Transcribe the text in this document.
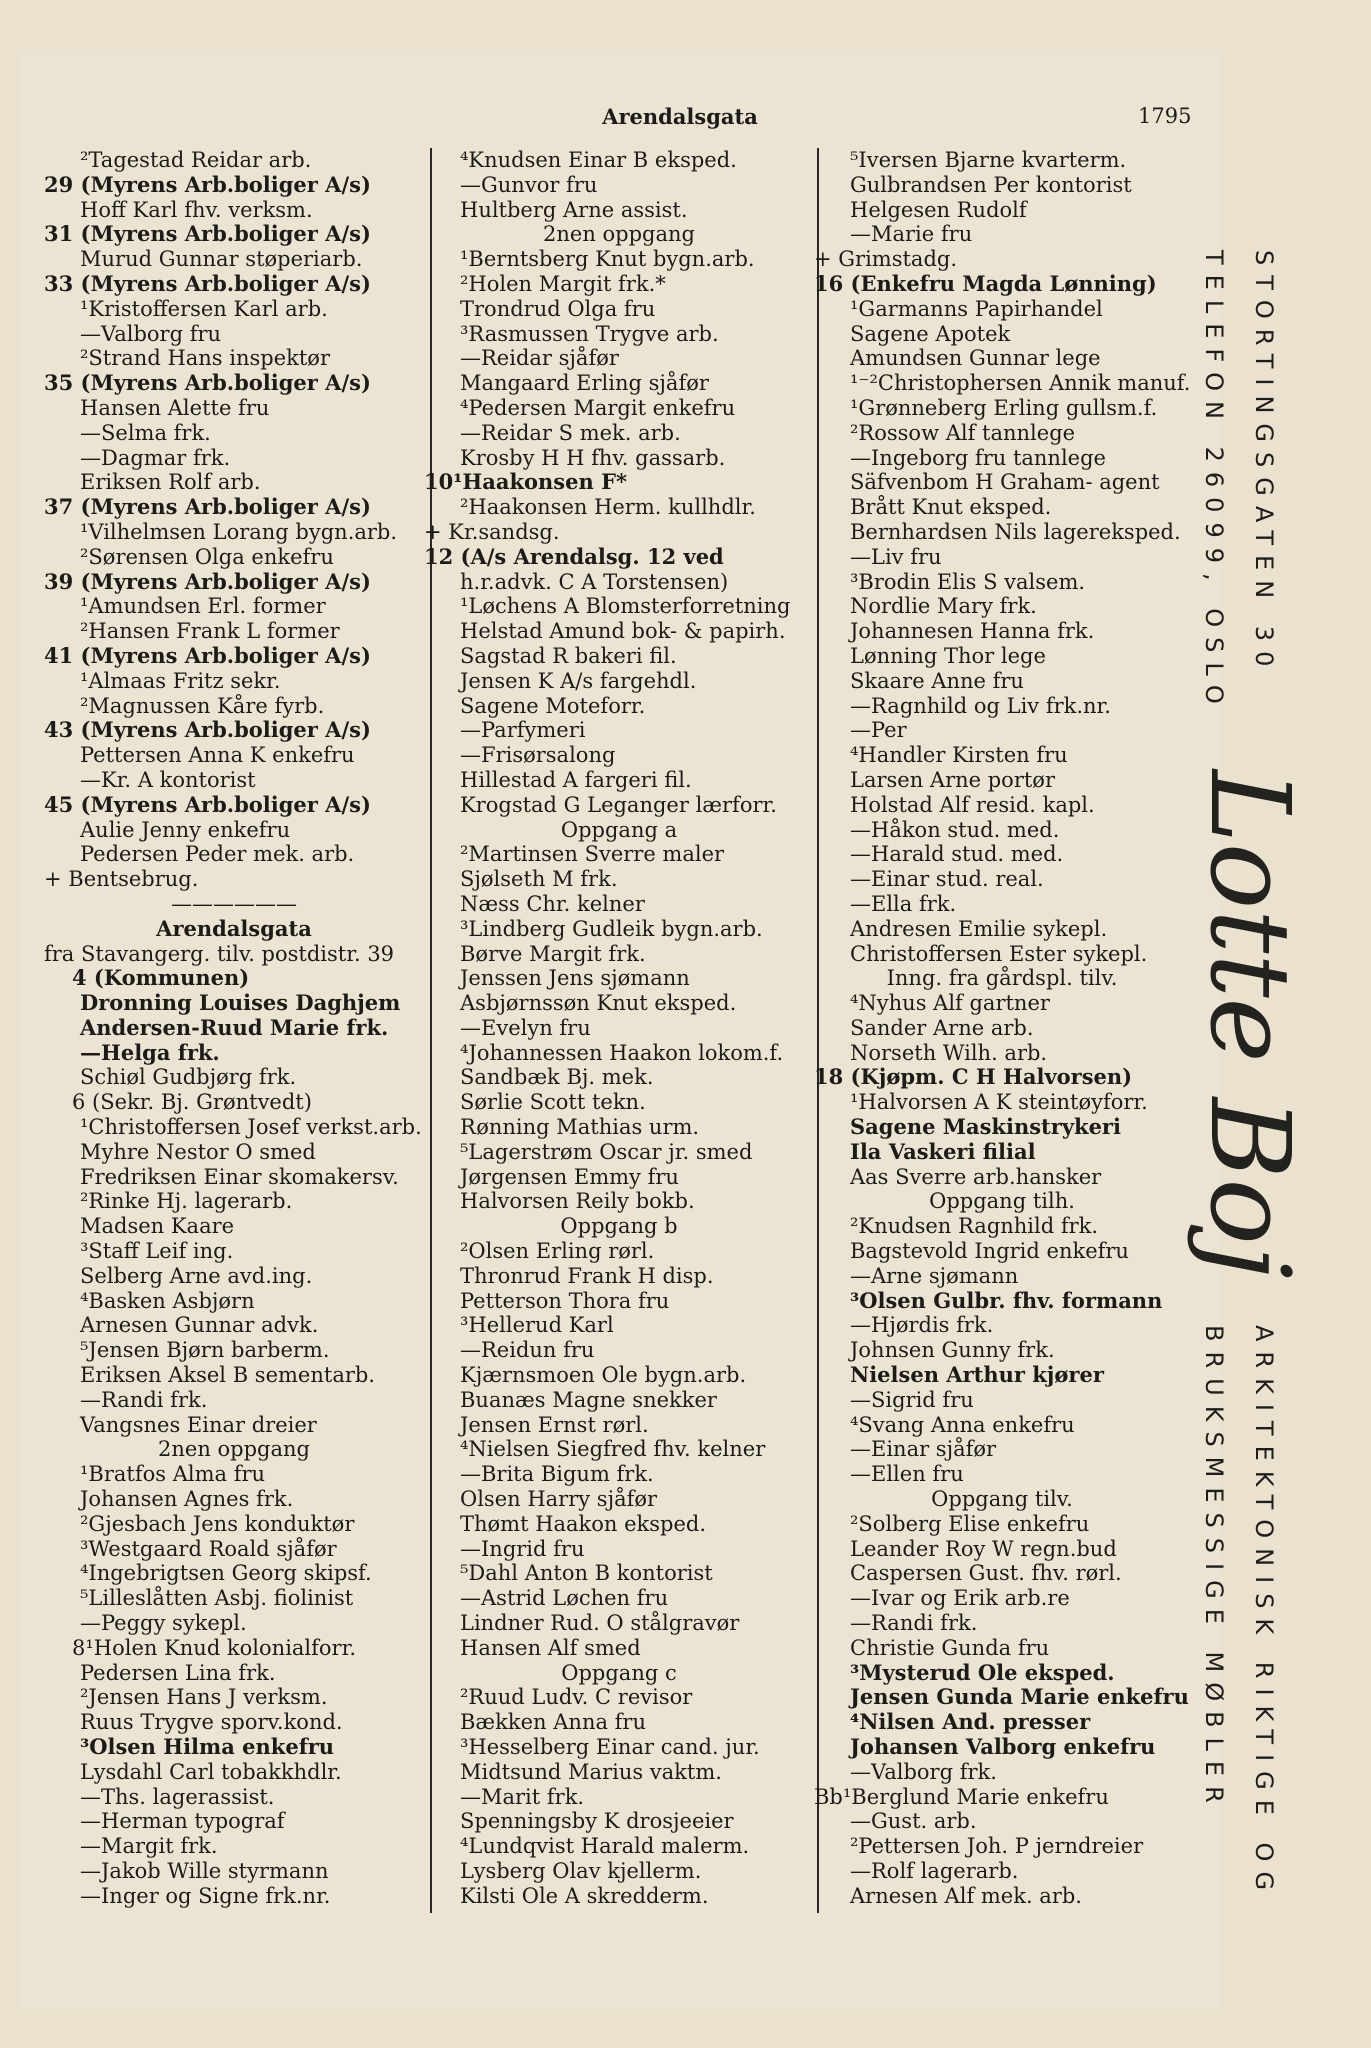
Arendalsgata	1795
²Tagestad Reidar arb.
29 (Myrens Arb.boliger A/s)
Hoff Karl fhv. verksm.
31 (Myrens Arb.boliger A/s)
Murud Gunnar støperiarb.
33 (Myrens Arb.boliger A/s)
¹Kristoffersen Karl arb.
—Valborg fru
²Strand Hans inspektør
35 (Myrens Arb.boliger A/s)
Hansen Alette fru
—Selma frk.
—Dagmar frk.
Eriksen Rolf arb.
37 (Myrens Arb.boliger A/s)
¹Vilhelmsen Lorang bygn.arb.
²Sørensen Olga enkefru
39 (Myrens Arb.boliger A/s)
¹Amundsen Erl. former
²Hansen Frank L former
41 (Myrens Arb.boliger A/s)
¹Almaas Fritz sekr.
²Magnussen Kåre fyrb.
43 (Myrens Arb.boliger A/s)
Pettersen Anna K enkefru
—Kr. A kontorist
45 (Myrens Arb.boliger A/s)
Aulie Jenny enkefru
Pedersen Peder mek. arb.
+ Bentsebrug.
——————
Arendalsgata
fra Stavangerg. tilv. postdistr. 39
4 (Kommunen)
Dronning Louises Daghjem
Andersen-Ruud Marie frk.
—Helga frk.
Schiøl Gudbjørg frk.
6 (Sekr. Bj. Grøntvedt)
¹Christoffersen Josef verkst.arb.
Myhre Nestor O smed
Fredriksen Einar skomakersv.
²Rinke Hj. lagerarb.
Madsen Kaare
³Staff Leif ing.
Selberg Arne avd.ing.
⁴Basken Asbjørn
Arnesen Gunnar advk.
⁵Jensen Bjørn barberm.
Eriksen Aksel B sementarb.
—Randi frk.
Vangsnes Einar dreier
2nen oppgang
¹Bratfos Alma fru
Johansen Agnes frk.
²Gjesbach Jens konduktør
³Westgaard Roald sjåfør
⁴Ingebrigtsen Georg skipsf.
⁵Lilleslåtten Asbj. fiolinist
—Peggy sykepl.
8¹Holen Knud kolonialforr.
Pedersen Lina frk.
²Jensen Hans J verksm.
Ruus Trygve sporv.kond.
³Olsen Hilma enkefru
Lysdahl Carl tobakkhdlr.
—Ths. lagerassist.
—Herman typograf
—Margit frk.
—Jakob Wille styrmann
—Inger og Signe frk.nr.
⁴Knudsen Einar B eksped.
—Gunvor fru
Hultberg Arne assist.
2nen oppgang
¹Berntsberg Knut bygn.arb.
²Holen Margit frk.*
Trondrud Olga fru
³Rasmussen Trygve arb.
—Reidar sjåfør
Mangaard Erling sjåfør
⁴Pedersen Margit enkefru
—Reidar S mek. arb.
Krosby H H fhv. gassarb.
10¹Haakonsen F*
²Haakonsen Herm. kullhdlr.
+ Kr.sandsg.
12 (A/s Arendalsg. 12 ved
h.r.advk. C A Torstensen)
¹Løchens A Blomsterforretning
Helstad Amund bok- & papirh.
Sagstad R bakeri fil.
Jensen K A/s fargehdl.
Sagene Moteforr.
—Parfymeri
—Frisørsalong
Hillestad A fargeri fil.
Krogstad G Leganger lærforr.
Oppgang a
²Martinsen Sverre maler
Sjølseth M frk.
Næss Chr. kelner
³Lindberg Gudleik bygn.arb.
Børve Margit frk.
Jenssen Jens sjømann
Asbjørnssøn Knut eksped.
—Evelyn fru
⁴Johannessen Haakon lokom.f.
Sandbæk Bj. mek.
Sørlie Scott tekn.
Rønning Mathias urm.
⁵Lagerstrøm Oscar jr. smed
Jørgensen Emmy fru
Halvorsen Reily bokb.
Oppgang b
²Olsen Erling rørl.
Thronrud Frank H disp.
Petterson Thora fru
³Hellerud Karl
—Reidun fru
Kjærnsmoen Ole bygn.arb.
Buanæs Magne snekker
Jensen Ernst rørl.
⁴Nielsen Siegfred fhv. kelner
—Brita Bigum frk.
Olsen Harry sjåfør
Thømt Haakon eksped.
—Ingrid fru
⁵Dahl Anton B kontorist
—Astrid Løchen fru
Lindner Rud. O stålgravør
Hansen Alf smed
Oppgang c
²Ruud Ludv. C revisor
Bækken Anna fru
³Hesselberg Einar cand. jur.
Midtsund Marius vaktm.
—Marit frk.
Spenningsby K drosjeeier
⁴Lundqvist Harald malerm.
Lysberg Olav kjellerm.
Kilsti Ole A skredderm.
⁵Iversen Bjarne kvarterm.
Gulbrandsen Per kontorist
Helgesen Rudolf
—Marie fru
+ Grimstadg.
16 (Enkefru Magda Lønning)
¹Garmanns Papirhandel
Sagene Apotek
Amundsen Gunnar lege
¹⁻²Christophersen Annik manuf.
¹Grønneberg Erling gullsm.f.
²Rossow Alf tannlege
—Ingeborg fru tannlege
Säfvenbom H Graham- agent
Brått Knut eksped.
Bernhardsen Nils lagereksped.
—Liv fru
³Brodin Elis S valsem.
Nordlie Mary frk.
Johannesen Hanna frk.
Lønning Thor lege
Skaare Anne fru
—Ragnhild og Liv frk.nr.
—Per
⁴Handler Kirsten fru
Larsen Arne portør
Holstad Alf resid. kapl.
—Håkon stud. med.
—Harald stud. med.
—Einar stud. real.
—Ella frk.
Andresen Emilie sykepl.
Christoffersen Ester sykepl.
Inng. fra gårdspl. tilv.
⁴Nyhus Alf gartner
Sander Arne arb.
Norseth Wilh. arb.
18 (Kjøpm. C H Halvorsen)
¹Halvorsen A K steintøyforr.
Sagene Maskinstrykeri
Ila Vaskeri filial
Aas Sverre arb.hansker
Oppgang tilh.
²Knudsen Ragnhild frk.
Bagstevold Ingrid enkefru
—Arne sjømann
³Olsen Gulbr. fhv. formann
—Hjørdis frk.
Johnsen Gunny frk.
Nielsen Arthur kjører
—Sigrid fru
⁴Svang Anna enkefru
—Einar sjåfør
—Ellen fru
Oppgang tilv.
²Solberg Elise enkefru
Leander Roy W regn.bud
Caspersen Gust. fhv. rørl.
—Ivar og Erik arb.re
—Randi frk.
Christie Gunda fru
³Mysterud Ole eksped.
Jensen Gunda Marie enkefru
⁴Nilsen And. presser
Johansen Valborg enkefru
—Valborg frk.
Bb¹Berglund Marie enkefru
—Gust. arb.
²Pettersen Joh. P jerndreier
—Rolf lagerarb.
Arnesen Alf mek. arb.
STORTINGSGATEN 30
TELEFON 26099, OSLO
Lotte Boj
ARKITEKTONISK RIKTIGE OG
BRUKSMESSIGE MØBLER
